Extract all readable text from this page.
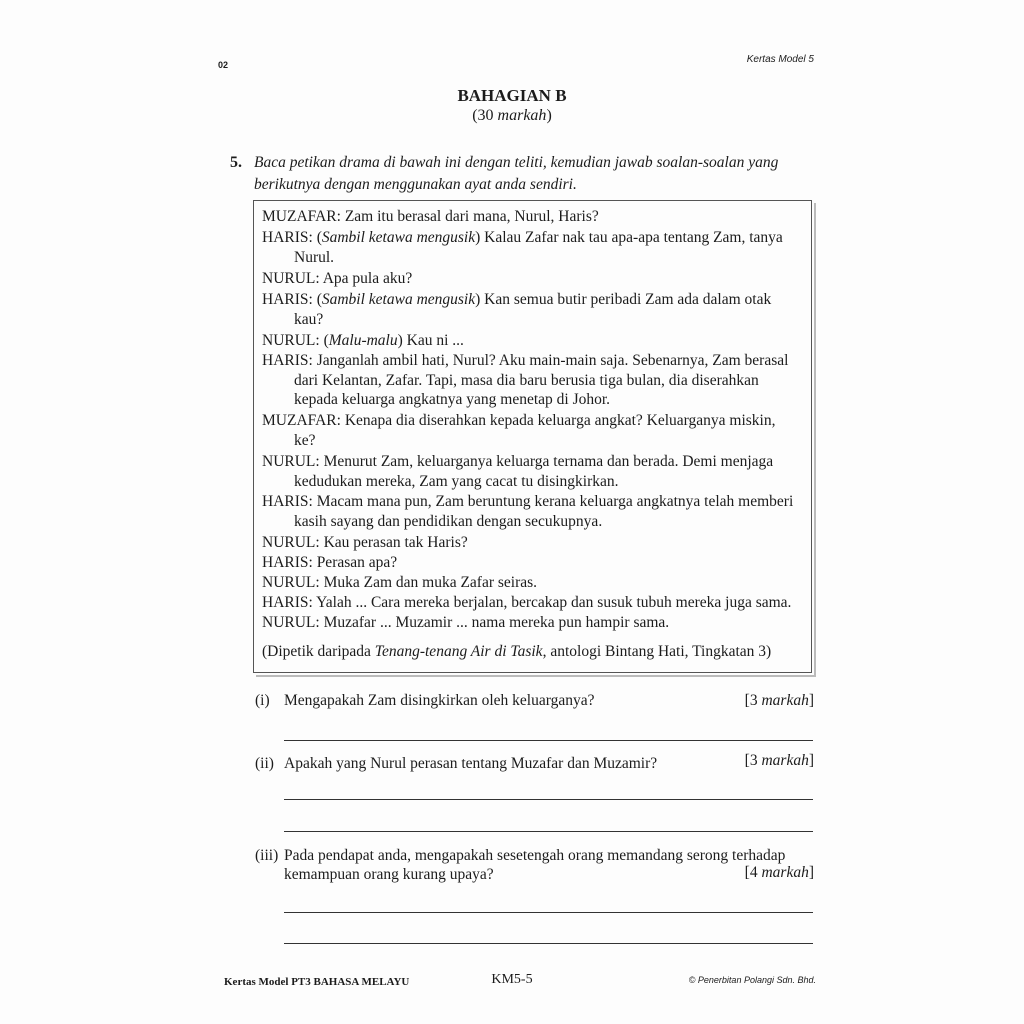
02	Kertas Model 5
BAHAGIAN B
(30 markah)
5. Baca petikan drama di bawah ini dengan teliti, kemudian jawab soalan-soalan yang
berikutnya dengan menggunakan ayat anda sendiri.
MUZAFAR: Zam itu berasal dari mana, Nurul, Haris?
HARIS: (Sambil ketawa mengusik) Kalau Zafar nak tau apa-apa tentang Zam, tanya
Nurul.
NURUL: Apa pula aku?
HARIS: (Sambil ketawa mengusik) Kan semua butir peribadi Zam ada dalam otak
kau?
NURUL: (Malu-malu) Kau ni ...
HARIS: Janganlah ambil hati, Nurul? Aku main-main saja. Sebenarnya, Zam berasal
dari Kelantan, Zafar. Tapi, masa dia baru berusia tiga bulan, dia diserahkan
kepada keluarga angkatnya yang menetap di Johor.
MUZAFAR: Kenapa dia diserahkan kepada keluarga angkat? Keluarganya miskin,
ke?
NURUL: Menurut Zam, keluarganya keluarga ternama dan berada. Demi menjaga
kedudukan mereka, Zam yang cacat tu disingkirkan.
HARIS: Macam mana pun, Zam beruntung kerana keluarga angkatnya telah memberi
kasih sayang dan pendidikan dengan secukupnya.
NURUL: Kau perasan tak Haris?
HARIS: Perasan apa?
NURUL: Muka Zam dan muka Zafar seiras.
HARIS: Yalah ... Cara mereka berjalan, bercakap dan susuk tubuh mereka juga sama.
NURUL: Muzafar ... Muzamir ... nama mereka pun hampir sama.
(Dipetik daripada Tenang-tenang Air di Tasik, antologi Bintang Hati, Tingkatan 3)
(i) Mengapakah Zam disingkirkan oleh keluarganya?	[3 markah]
(ii) Apakah yang Nurul perasan tentang Muzafar dan Muzamir?	[3 markah]
(iii) Pada pendapat anda, mengapakah sesetengah orang memandang serong terhadap
kemampuan orang kurang upaya?	[4 markah]
Kertas Model PT3 BAHASA MELAYU	KM5-5	© Penerbitan Polangi Sdn. Bhd.
